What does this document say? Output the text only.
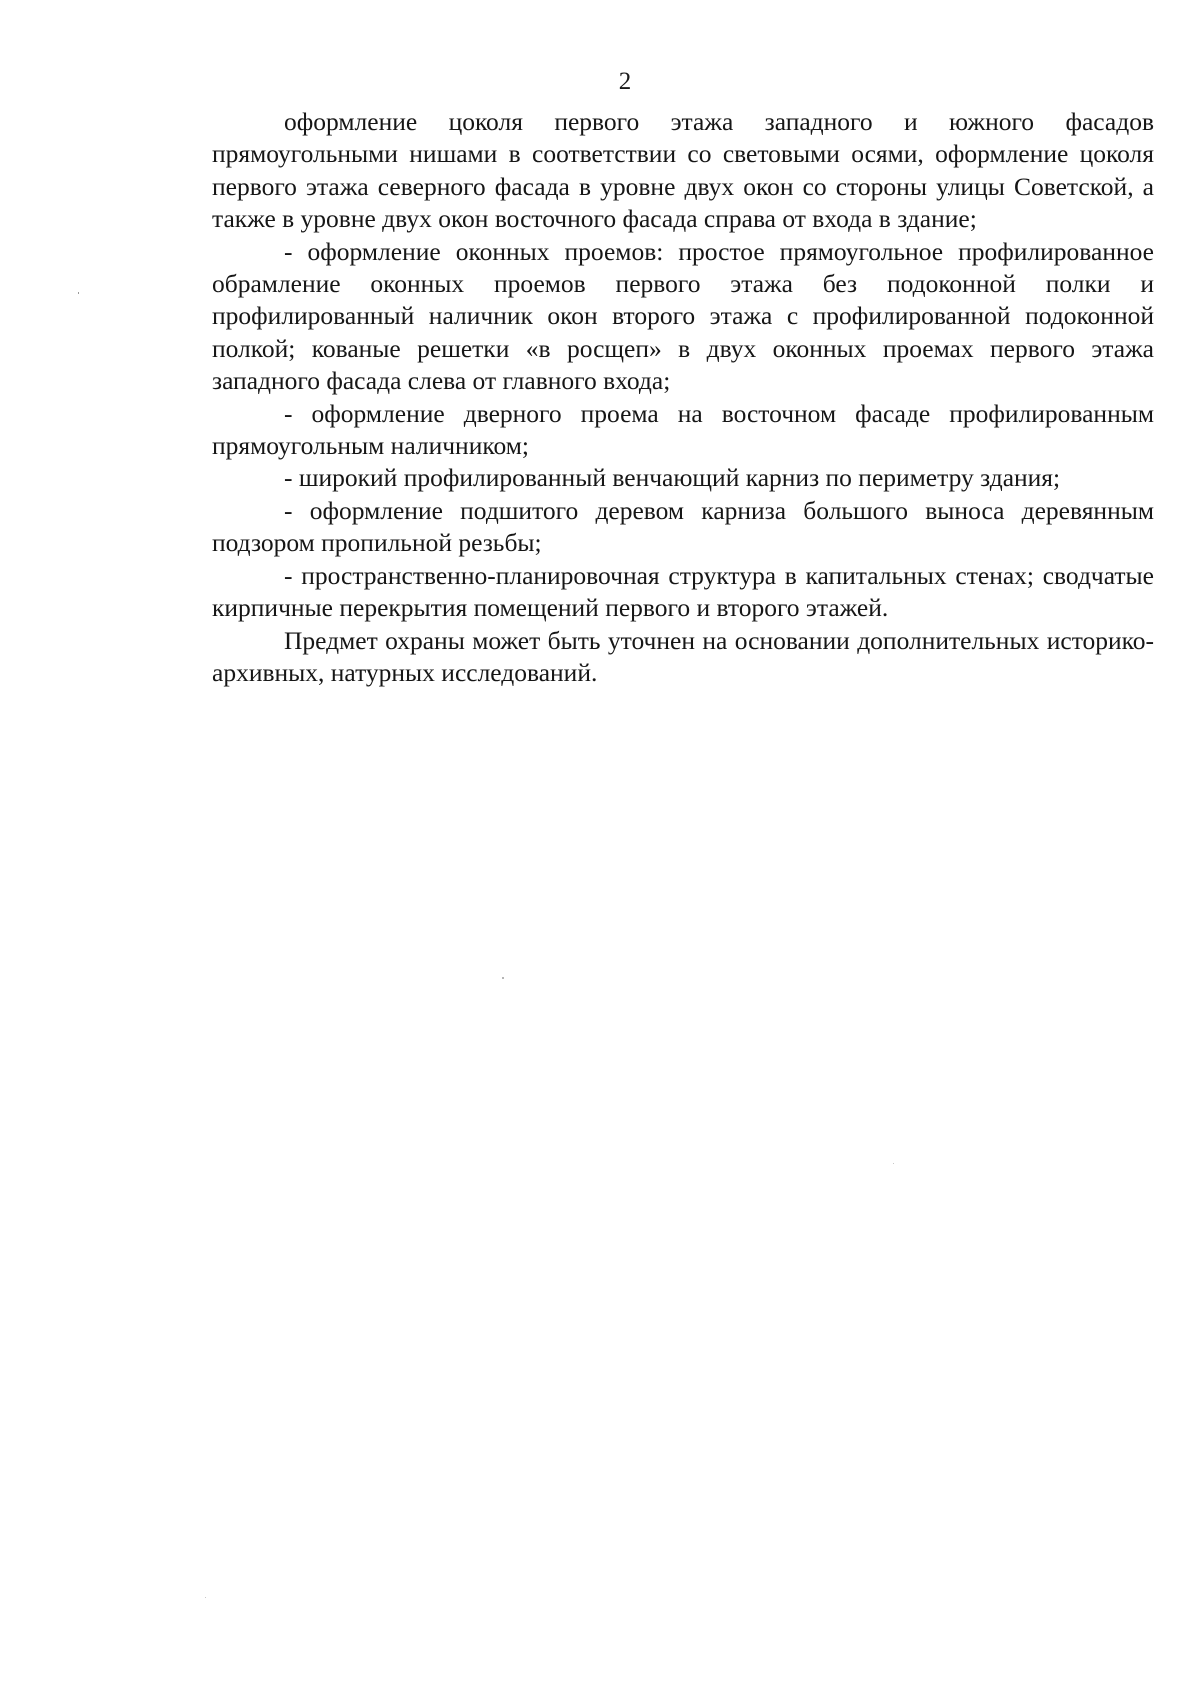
2

оформление цоколя первого этажа западного и южного фасадов прямоугольными нишами в соответствии со световыми осями, оформление цоколя первого этажа северного фасада в уровне двух окон со стороны улицы Советской, а также в уровне двух окон восточного фасада справа от входа в здание;

- оформление оконных проемов: простое прямоугольное профилированное обрамление оконных проемов первого этажа без подоконной полки и профилированный наличник окон второго этажа с профилированной подоконной полкой; кованые решетки «в росщеп» в двух оконных проемах первого этажа западного фасада слева от главного входа;

- оформление дверного проема на восточном фасаде профилированным прямоугольным наличником;

- широкий профилированный венчающий карниз по периметру здания;

- оформление подшитого деревом карниза большого выноса деревянным подзором пропильной резьбы;

- пространственно-планировочная структура в капитальных стенах; сводчатые кирпичные перекрытия помещений первого и второго этажей.

Предмет охраны может быть уточнен на основании дополнительных историко-архивных, натурных исследований.
